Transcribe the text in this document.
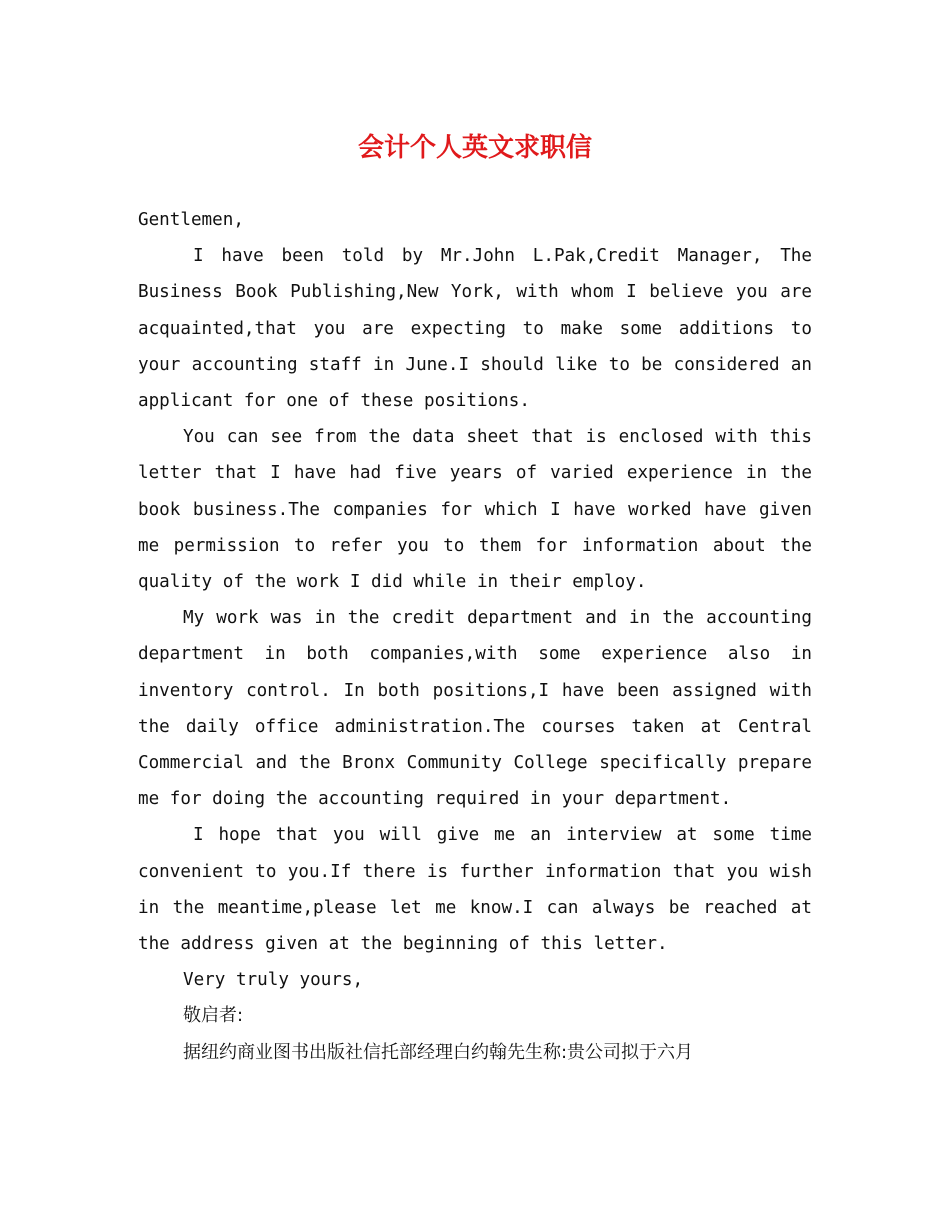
会计个人英文求职信

Gentlemen,

I have been told by Mr.John L.Pak,Credit Manager, The Business Book Publishing,New York, with whom I believe you are acquainted,that you are expecting to make some additions to your accounting staff in June.I should like to be considered an applicant for one of these positions.

You can see from the data sheet that is enclosed with this letter that I have had five years of varied experience in the book business.The companies for which I have worked have given me permission to refer you to them for information about the quality of the work I did while in their employ.

My work was in the credit department and in the accounting department in both companies,with some experience also in inventory control. In both positions,I have been assigned with the daily office administration.The courses taken at Central Commercial and the Bronx Community College specifically prepare me for doing the accounting required in your department.

I hope that you will give me an interview at some time convenient to you.If there is further information that you wish in the meantime,please let me know.I can always be reached at the address given at the beginning of this letter.

Very truly yours,

敬启者:

据纽约商业图书出版社信托部经理白约翰先生称:贵公司拟于六月
